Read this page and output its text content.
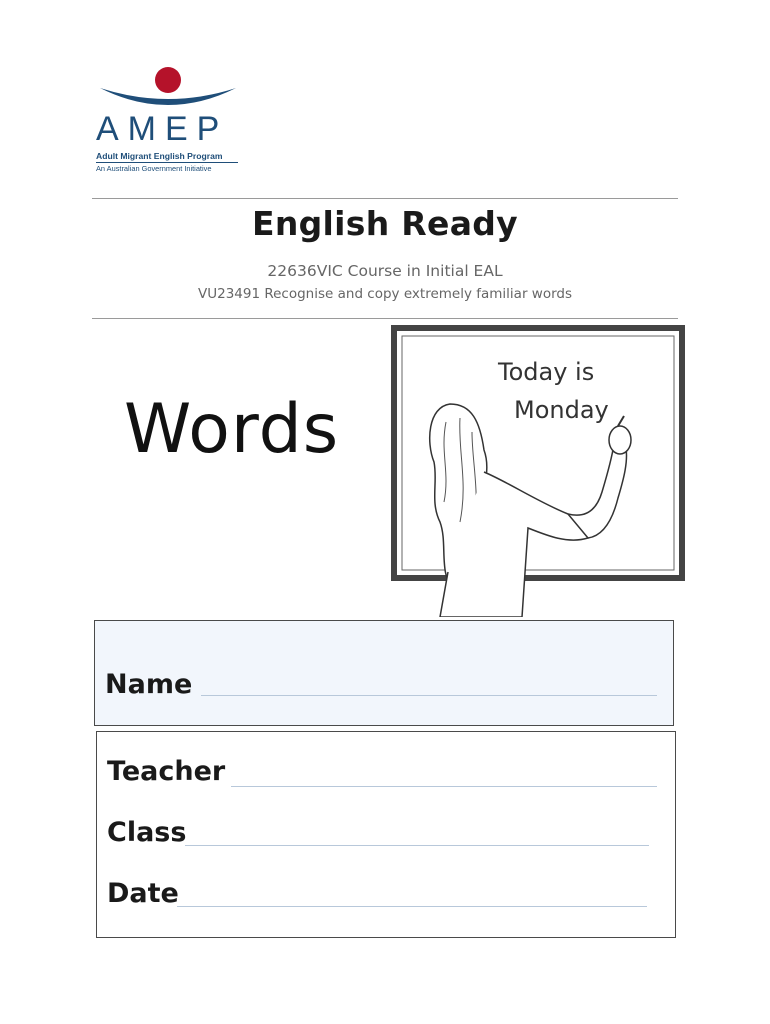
AMEP
Adult Migrant English Program
An Australian Government Initiative
English Ready
22636VIC Course in Initial EAL
VU23491 Recognise and copy extremely familiar words
Words
Today is
Monday
Name
Teacher
Class
Date
